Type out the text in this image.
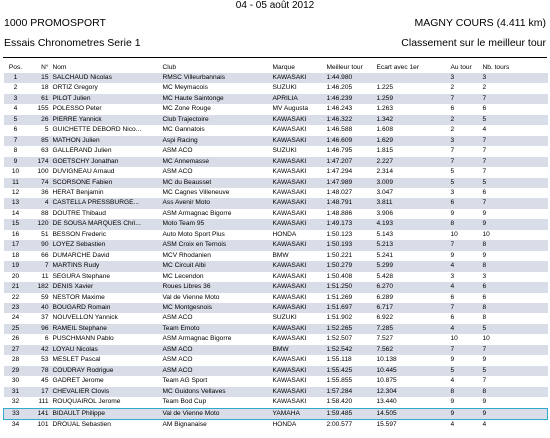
04 - 05 août 2012
1000 PROMOSPORT	MAGNY COURS (4.411 km)
Essais Chronometres Serie 1	Classement sur le meilleur tour
Pos.	N°	Nom	Club	Marque	Meilleur tour	Ecart avec 1er	Au tour	Nb. tours
1	15	SALCHAUD Nicolas	RMSC Villeurbannais	KAWASAKI	1:44.980		3	3
2	18	ORTIZ Gregory	MC Meymacois	SUZUKI	1:46.205	1.225	2	2
3	61	PILOT Julien	MC Haute Saintonge	APRILIA	1:46.239	1.259	7	7
4	155	POLESSO Peter	MC Zone Rouge	MV Augusta	1:46.243	1.263	6	6
5	26	PIERRE Yannick	Club Trajectoire	KAWASAKI	1:46.322	1.342	2	5
6	5	GUICHETTE DEBORD Nico...	MC Gannatois	KAWASAKI	1:46.588	1.608	2	4
7	85	MATHON Julien	Aspi Racing	KAWASAKI	1:46.609	1.629	3	7
8	63	GALLERAND Julien	ASM ACO	SUZUKI	1:46.795	1.815	7	7
9	174	GOETSCHY Jonathan	MC Annemasse	KAWASAKI	1:47.207	2.227	7	7
10	100	DUVIGNEAU Arnaud	ASM ACO	KAWASAKI	1:47.294	2.314	5	7
11	74	SCORSONE Fabien	MC du Beausset	KAWASAKI	1:47.989	3.009	5	5
12	36	HERAT Benjamin	MC Cagnes Villeneuve	KAWASAKI	1:48.027	3.047	3	6
13	4	CASTELLA PRESSBURGE...	Ass Avenir Moto	KAWASAKI	1:48.791	3.811	6	7
14	88	DOUTRE Thibaud	ASM Armagnac Bigorre	KAWASAKI	1:48.886	3.906	9	9
15	120	DE SOUSA MARQUES Chri...	Moto Team 95	KAWASAKI	1:49.173	4.193	8	9
16	51	BESSON Frederic	Auto Moto Sport Plus	HONDA	1:50.123	5.143	10	10
17	90	LOYEZ Sebastien	ASM Croix en Ternois	KAWASAKI	1:50.193	5.213	7	8
18	66	DUMARCHE David	MCV Rhodanien	BMW	1:50.221	5.241	9	9
19	7	MARTINS Rudy	MC Circuit Albi	KAWASAKI	1:50.279	5.299	4	8
20	11	SEGURA Stephane	MC Lecendon	KAWASAKI	1:50.408	5.428	3	3
21	182	DENIS Xavier	Roues Libres 36	KAWASAKI	1:51.250	6.270	4	6
22	59	NESTOR Maxime	Val de Vienne Moto	KAWASAKI	1:51.269	6.289	6	6
23	40	BOUGARD Romain	MC Montgesnois	KAWASAKI	1:51.697	6.717	7	8
24	37	NOUVELLON Yannick	ASM ACO	SUZUKI	1:51.902	6.922	6	8
25	96	RAMEIL Stephane	Team Emoto	KAWASAKI	1:52.265	7.285	4	5
26	6	PUSCHMANN Pablo	ASM Armagnac Bigorre	KAWASAKI	1:52.507	7.527	10	10
27	42	LOYAU Nicolas	ASM ACO	BMW	1:52.542	7.562	7	7
28	53	MESLET Pascal	ASM ACO	KAWASAKI	1:55.118	10.138	9	9
29	78	COUDRAY Rodrigue	ASM ACO	KAWASAKI	1:55.425	10.445	5	5
30	45	GADRET Jerome	Team AG Sport	KAWASAKI	1:55.855	10.875	4	7
31	17	CHEVALIER Clovis	MC Guidons Vellaves	KAWASAKI	1:57.284	12.304	8	8
32	111	ROUQUAIROL Jerome	Team Bod Cup	KAWASAKI	1:58.420	13.440	9	9
33	141	BIDAULT Philippe	Val de Vienne Moto	YAMAHA	1:59.485	14.505	9	9
34	101	DROUAL Sebastien	AM Bignanaise	HONDA	2:00.577	15.597	4	4
